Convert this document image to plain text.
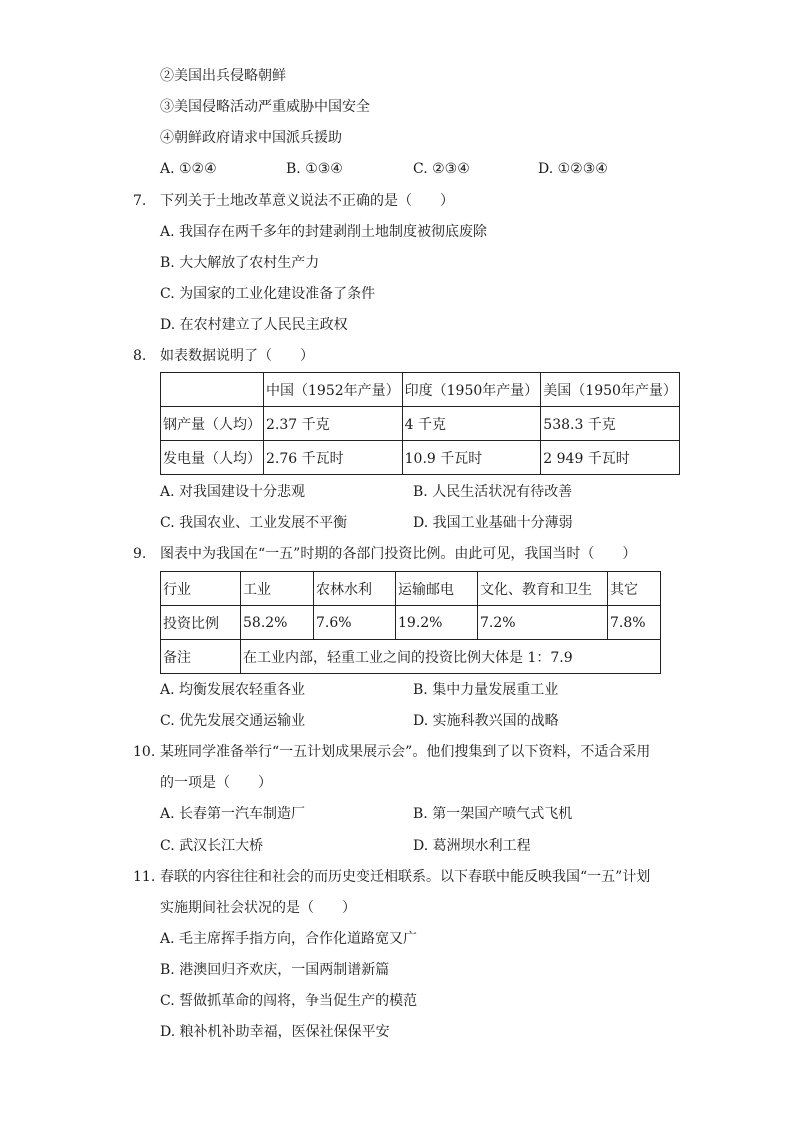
②美国出兵侵略朝鲜
③美国侵略活动严重威胁中国安全
④朝鲜政府请求中国派兵援助
A. ①②④	B. ①③④	C. ②③④	D. ①②③④
7. 下列关于土地改革意义说法不正确的是（　　）
A. 我国存在两千多年的封建剥削土地制度被彻底废除
B. 大大解放了农村生产力
C. 为国家的工业化建设准备了条件
D. 在农村建立了人民民主政权
8. 如表数据说明了（　　）
	中国（1952年产量）	印度（1950年产量）	美国（1950年产量）
钢产量（人均）	2.37 千克	4 千克	538.3 千克
发电量（人均）	2.76 千瓦时	10.9 千瓦时	2 949 千瓦时
A. 对我国建设十分悲观	B. 人民生活状况有待改善
C. 我国农业、工业发展不平衡	D. 我国工业基础十分薄弱
9. 图表中为我国在“一五”时期的各部门投资比例。由此可见，我国当时（　　）
行业	工业	农林水利	运输邮电	文化、教育和卫生	其它
投资比例	58.2%	7.6%	19.2%	7.2%	7.8%
备注	在工业内部，轻重工业之间的投资比例大体是 1：7.9				
A. 均衡发展农轻重各业	B. 集中力量发展重工业
C. 优先发展交通运输业	D. 实施科教兴国的战略
10. 某班同学准备举行“一五计划成果展示会”。他们搜集到了以下资料，不适合采用
的一项是（　　）
A. 长春第一汽车制造厂	B. 第一架国产喷气式飞机
C. 武汉长江大桥	D. 葛洲坝水利工程
11. 春联的内容往往和社会的而历史变迁相联系。以下春联中能反映我国“一五”计划
实施期间社会状况的是（　　）
A. 毛主席挥手指方向，合作化道路宽又广
B. 港澳回归齐欢庆，一国两制谱新篇
C. 誓做抓革命的闯将，争当促生产的模范
D. 粮补机补助幸福，医保社保保平安
